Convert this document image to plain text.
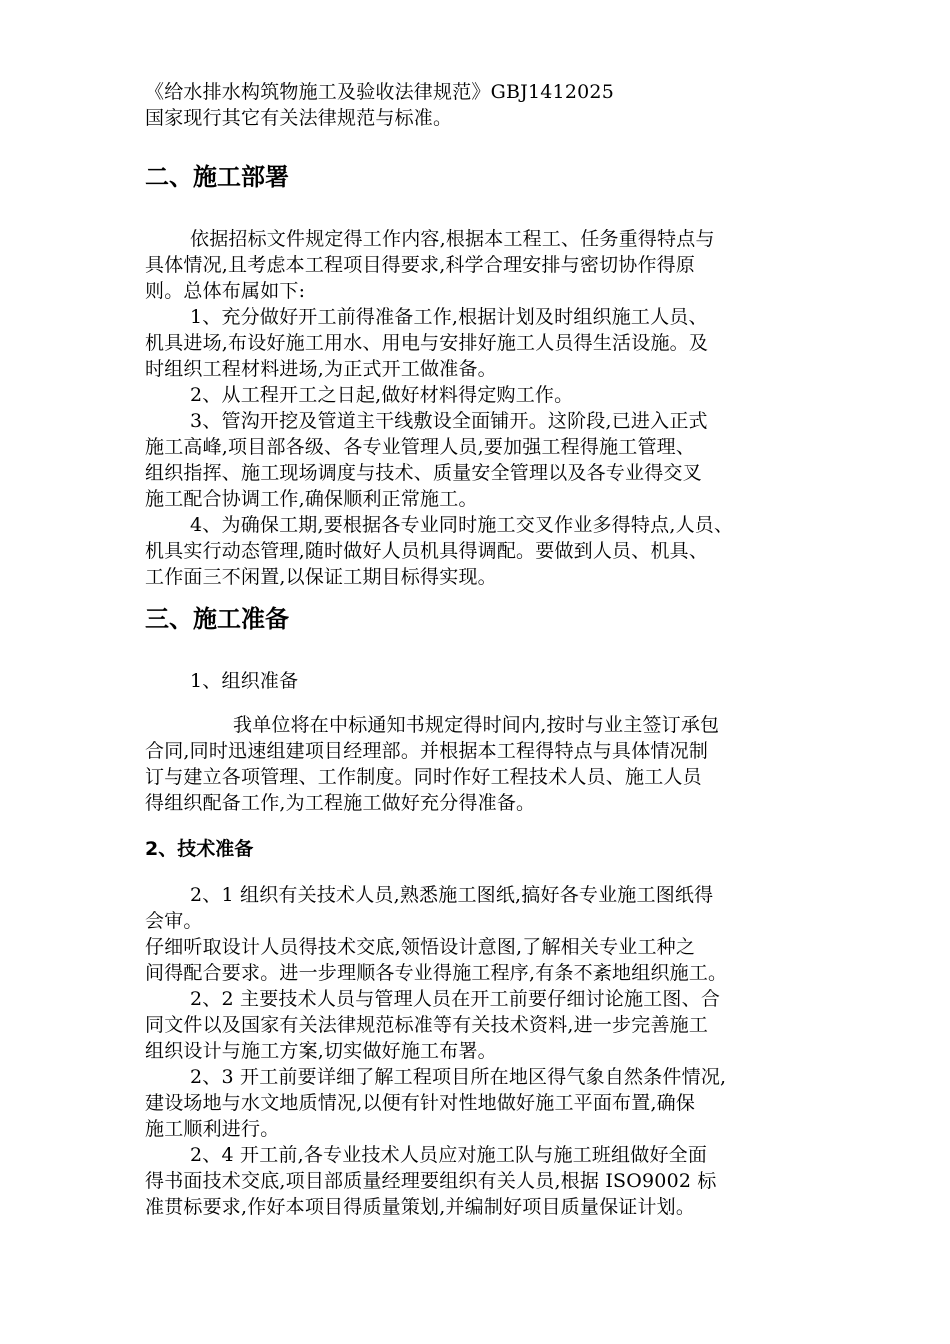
《给水排水构筑物施工及验收法律规范》GBJ1412025
国家现行其它有关法律规范与标准。
二、施工部署
依据招标文件规定得工作内容,根据本工程工、任务重得特点与
具体情况,且考虑本工程项目得要求,科学合理安排与密切协作得原
则。总体布属如下:
1、充分做好开工前得准备工作,根据计划及时组织施工人员、
机具进场,布设好施工用水、用电与安排好施工人员得生活设施。及
时组织工程材料进场,为正式开工做准备。
2、从工程开工之日起,做好材料得定购工作。
3、管沟开挖及管道主干线敷设全面铺开。这阶段,已进入正式
施工高峰,项目部各级、各专业管理人员,要加强工程得施工管理、
组织指挥、施工现场调度与技术、质量安全管理以及各专业得交叉
施工配合协调工作,确保顺利正常施工。
4、为确保工期,要根据各专业同时施工交叉作业多得特点,人员、
机具实行动态管理,随时做好人员机具得调配。要做到人员、机具、
工作面三不闲置,以保证工期目标得实现。
三、施工准备
1、组织准备
我单位将在中标通知书规定得时间内,按时与业主签订承包
合同,同时迅速组建项目经理部。并根据本工程得特点与具体情况制
订与建立各项管理、工作制度。同时作好工程技术人员、施工人员
得组织配备工作,为工程施工做好充分得准备。
2、技术准备
2、1 组织有关技术人员,熟悉施工图纸,搞好各专业施工图纸得
会审。
仔细听取设计人员得技术交底,领悟设计意图,了解相关专业工种之
间得配合要求。进一步理顺各专业得施工程序,有条不紊地组织施工。
2、2 主要技术人员与管理人员在开工前要仔细讨论施工图、合
同文件以及国家有关法律规范标准等有关技术资料,进一步完善施工
组织设计与施工方案,切实做好施工布署。
2、3 开工前要详细了解工程项目所在地区得气象自然条件情况,
建设场地与水文地质情况,以便有针对性地做好施工平面布置,确保
施工顺利进行。
2、4 开工前,各专业技术人员应对施工队与施工班组做好全面
得书面技术交底,项目部质量经理要组织有关人员,根据 ISO9002 标
准贯标要求,作好本项目得质量策划,并编制好项目质量保证计划。
